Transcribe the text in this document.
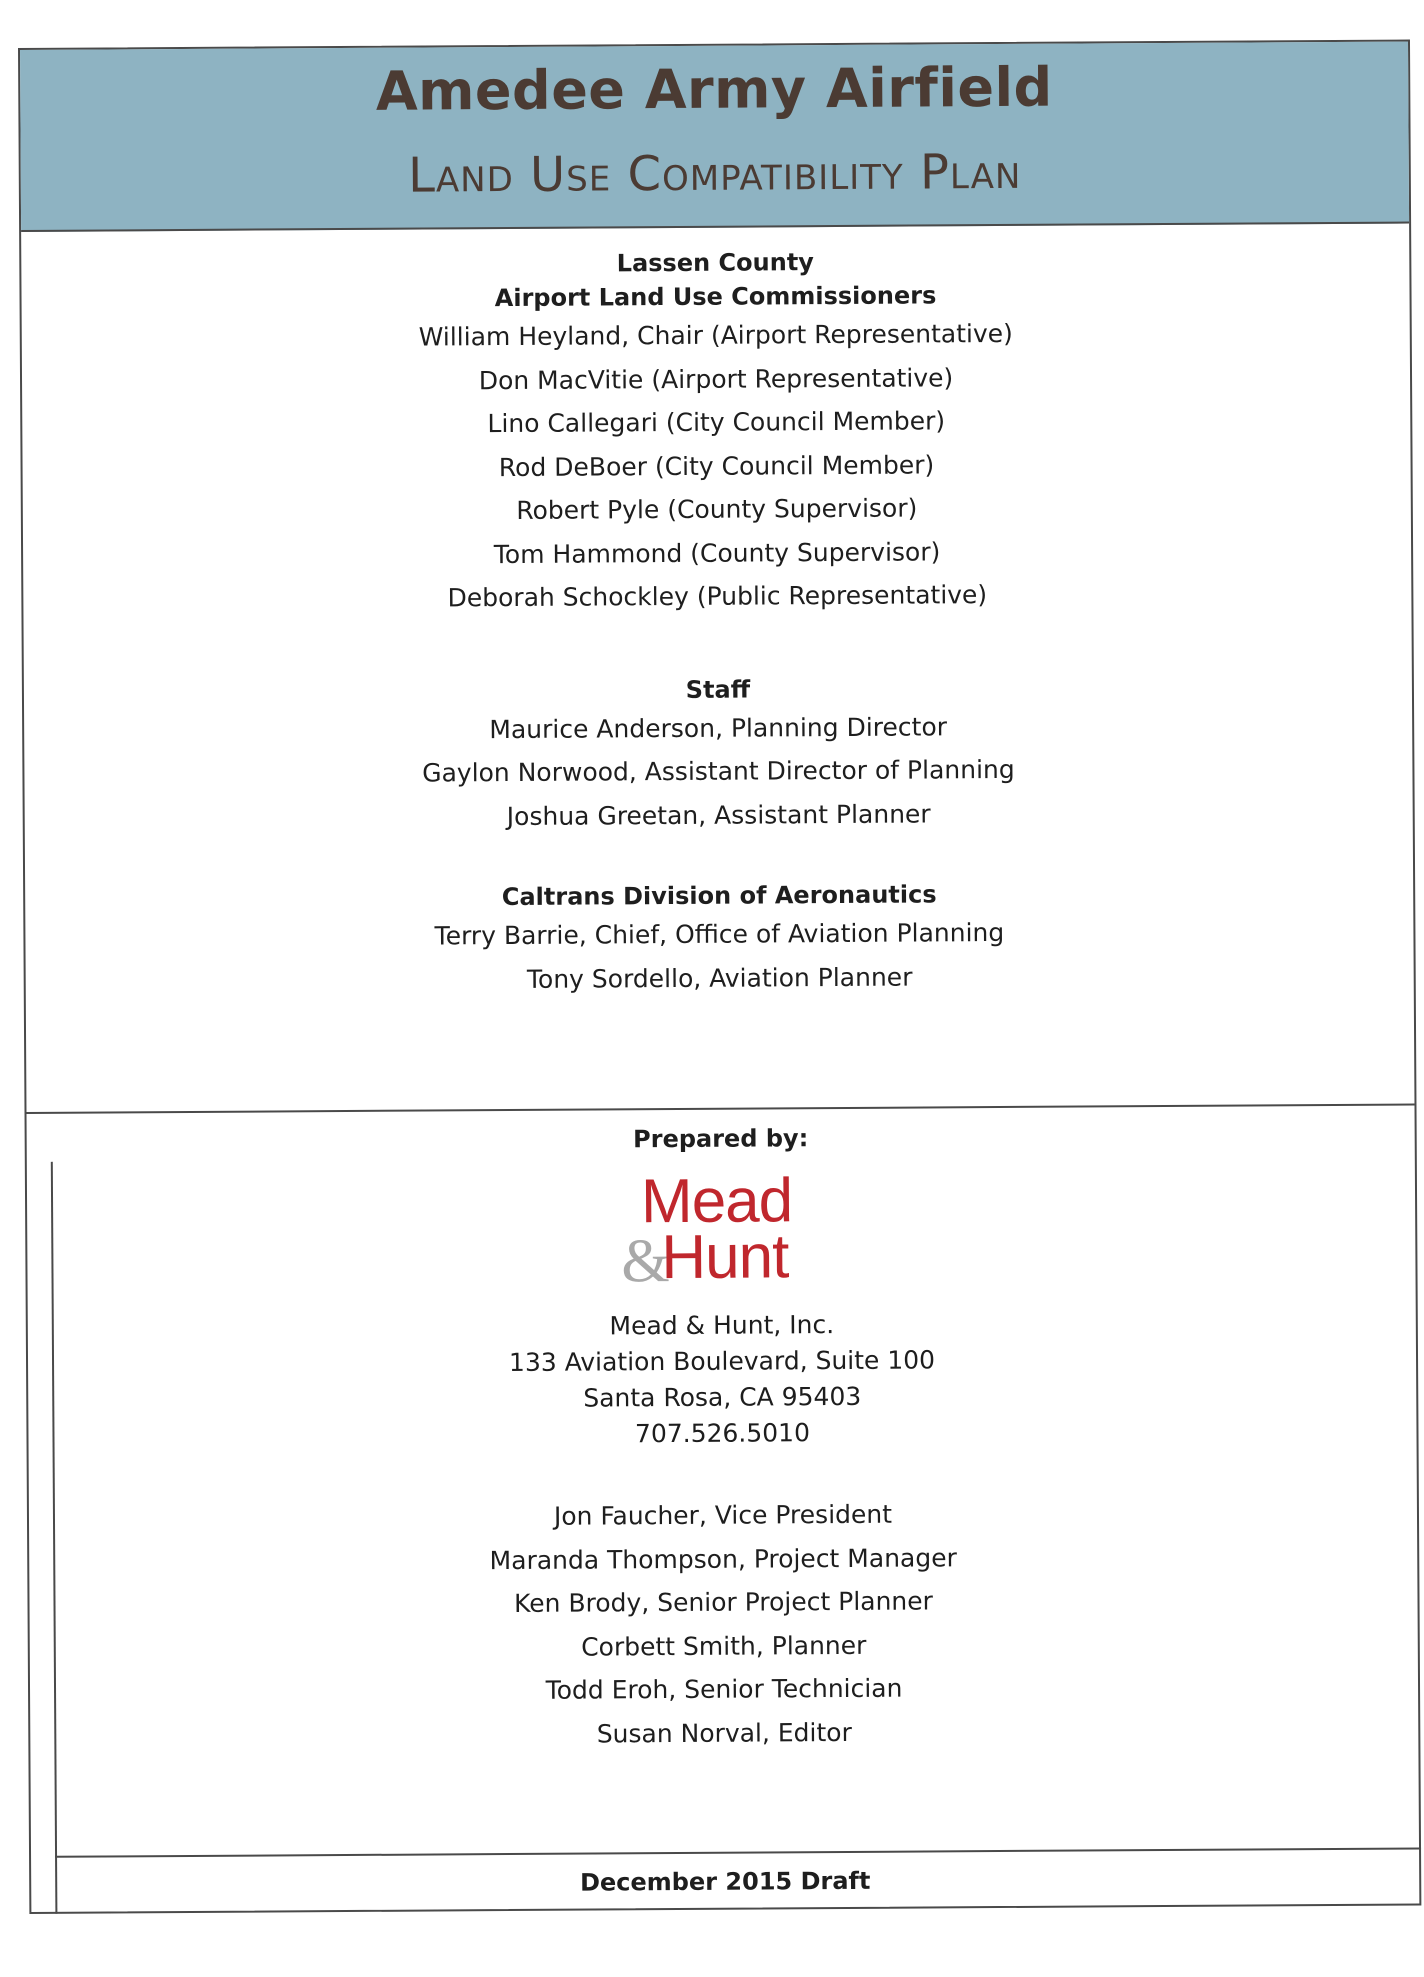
Amedee Army Airfield
Land Use Compatibility Plan
Lassen County
Airport Land Use Commissioners
William Heyland, Chair (Airport Representative)
Don MacVitie (Airport Representative)
Lino Callegari (City Council Member)
Rod DeBoer (City Council Member)
Robert Pyle (County Supervisor)
Tom Hammond (County Supervisor)
Deborah Schockley (Public Representative)
Staff
Maurice Anderson, Planning Director
Gaylon Norwood, Assistant Director of Planning
Joshua Greetan, Assistant Planner
Caltrans Division of Aeronautics
Terry Barrie, Chief, Office of Aviation Planning
Tony Sordello, Aviation Planner
Prepared by:
Mead
&
Hunt
Mead & Hunt, Inc.
133 Aviation Boulevard, Suite 100
Santa Rosa, CA 95403
707.526.5010
Jon Faucher, Vice President
Maranda Thompson, Project Manager
Ken Brody, Senior Project Planner
Corbett Smith, Planner
Todd Eroh, Senior Technician
Susan Norval, Editor
December 2015 Draft
